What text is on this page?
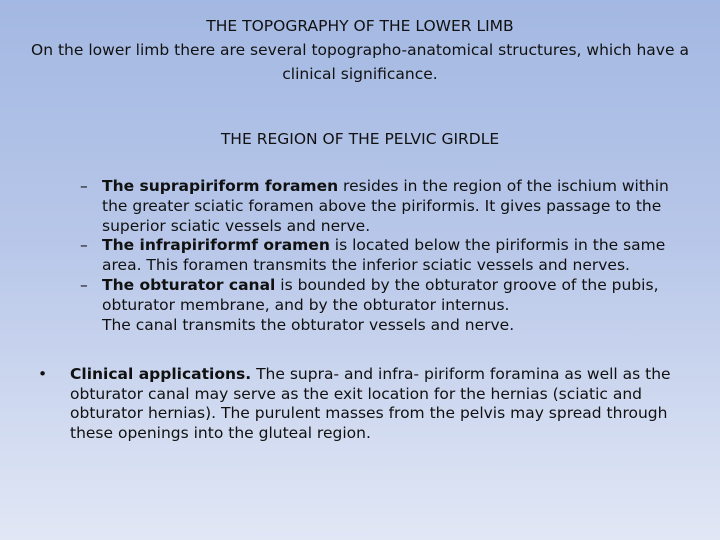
THE TOPOGRAPHY OF THE LOWER LIMB
On the lower limb there are several topographo-anatomical structures, which have a clinical significance.
THE REGION OF THE PELVIC GIRDLE
– The suprapiriform foramen resides in the region of the ischium within the greater sciatic foramen above the piriformis. It gives passage to the superior sciatic vessels and nerve.
– The infrapiriformf oramen is located below the piriformis in the same area. This foramen transmits the inferior sciatic vessels and nerves.
– The obturator canal is bounded by the obturator groove of the pubis, obturator membrane, and by the obturator internus.
The canal transmits the obturator vessels and nerve.
• Clinical applications. The supra- and infra- piriform foramina as well as the obturator canal may serve as the exit location for the hernias (sciatic and obturator hernias). The purulent masses from the pelvis may spread through these openings into the gluteal region.
